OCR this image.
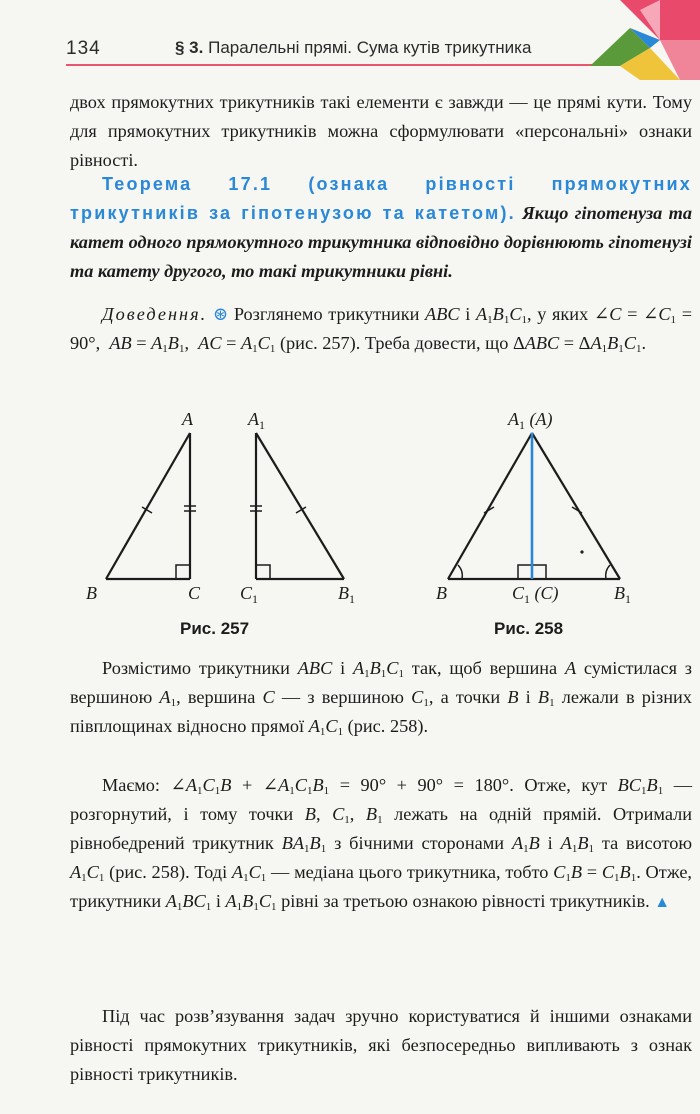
134	§ 3. Паралельні прямі. Сума кутів трикутника

двох прямокутних трикутників такі елементи є завжди — це прямі кути. Тому для прямокутних трикутників можна сформулювати «персональні» ознаки рівності.

Теорема 17.1 (ознака рівності прямокутних трикутників за гіпотенузою та катетом). Якщо гіпотенуза та катет одного прямокутного трикутника відповідно дорівнюють гіпотенузі та катету другого, то такі трикутники рівні.

Доведення. ⊛ Розглянемо трикутники ABC і $A_1B_1C_1$, у яких ∠C = $\angle C_1 = 90^\circ$,  AB = $A_1B_1$,  AC = $A_1C_1$ (рис. 257). Треба довести, що $\Delta ABC = \Delta A_1B_1C_1$.

A
B	C
$A_1$
$C_1$	$B_1$
$A_1$ (A)
B	$C_1$ (C)	$B_1$
Рис. 257	Рис. 258

Розмістимо трикутники ABC і $A_1B_1C_1$ так, щоб вершина A сумістилася з вершиною $A_1$, вершина C — з вершиною $C_1$, а точки B і $B_1$ лежали в різних півплощинах відносно прямої $A_1C_1$ (рис. 258).

Маємо: $\angle A_1C_1B$ + $\angle A_1C_1B_1 = 90^\circ + 90^\circ = 180^\circ$. Отже, кут $BC_1B_1$ — розгорнутий, і тому точки B, $C_1$, $B_1$ лежать на одній прямій. Отримали рівнобедрений трикутник $BA_1B_1$ з бічними сторонами $A_1B$ і $A_1B_1$ та висотою $A_1C_1$ (рис. 258). Тоді $A_1C_1$ — медіана цього трикутника, тобто $C_1B = C_1B_1$. Отже, трикутники $A_1BC_1$ і $A_1B_1C_1$ рівні за третьою ознакою рівності трикутників. ▲

Під час розв’язування задач зручно користуватися й іншими ознаками рівності прямокутних трикутників, які безпосередньо випливають з ознак рівності трикутників.
